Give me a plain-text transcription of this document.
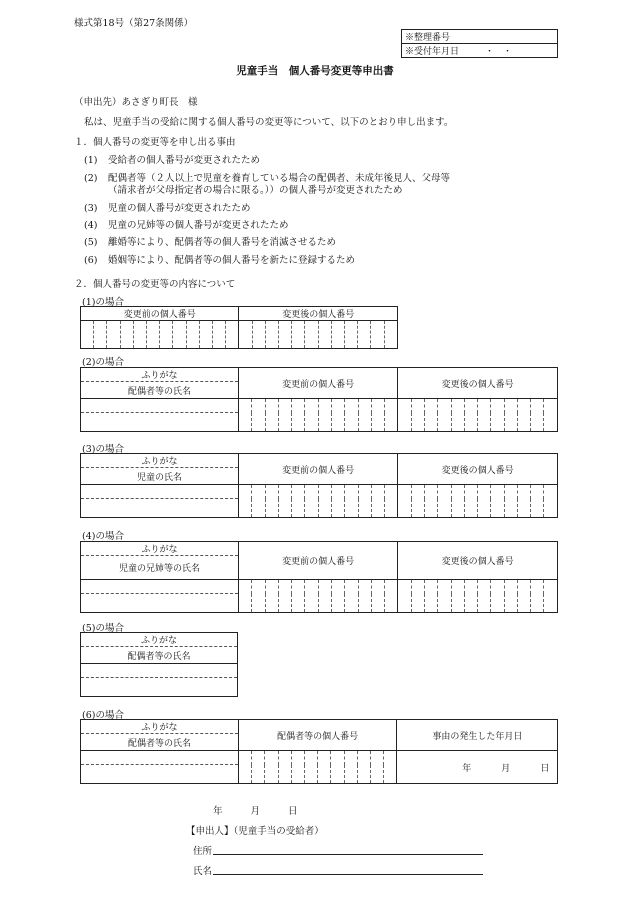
様式第18号（第27条関係）
※整理番号
※受付年月日	・　・
児童手当　個人番号変更等申出書
（申出先）あさぎり町長　様
私は、児童手当の受給に関する個人番号の変更等について、以下のとおり申し出ます。
１．個人番号の変更等を申し出る事由
(1) 受給者の個人番号が変更されたため
(2) 配偶者等（２人以上で児童を養育している場合の配偶者、未成年後見人、父母等
（請求者が父母指定者の場合に限る。））の個人番号が変更されたため
(3) 児童の個人番号が変更されたため
(4) 児童の兄姉等の個人番号が変更されたため
(5) 離婚等により、配偶者等の個人番号を消滅させるため
(6) 婚姻等により、配偶者等の個人番号を新たに登録するため
２．個人番号の変更等の内容について
(1)の場合
変更前の個人番号												変更後の個人番号											

(2)の場合
ふりがな	変更前の個人番号												変更後の個人番号											
配偶者等の氏名																								

(3)の場合
ふりがな	変更前の個人番号												変更後の個人番号											
児童の氏名																								

(4)の場合
ふりがな	変更前の個人番号												変更後の個人番号											
児童の兄姉等の氏名																								

(5)の場合
ふりがな
配偶者等の氏名

(6)の場合
ふりがな	配偶者等の個人番号												事由の発生した年月日
配偶者等の氏名													
													年 月 日

年	月	日
【申出人】（児童手当の受給者）
住所
氏名
